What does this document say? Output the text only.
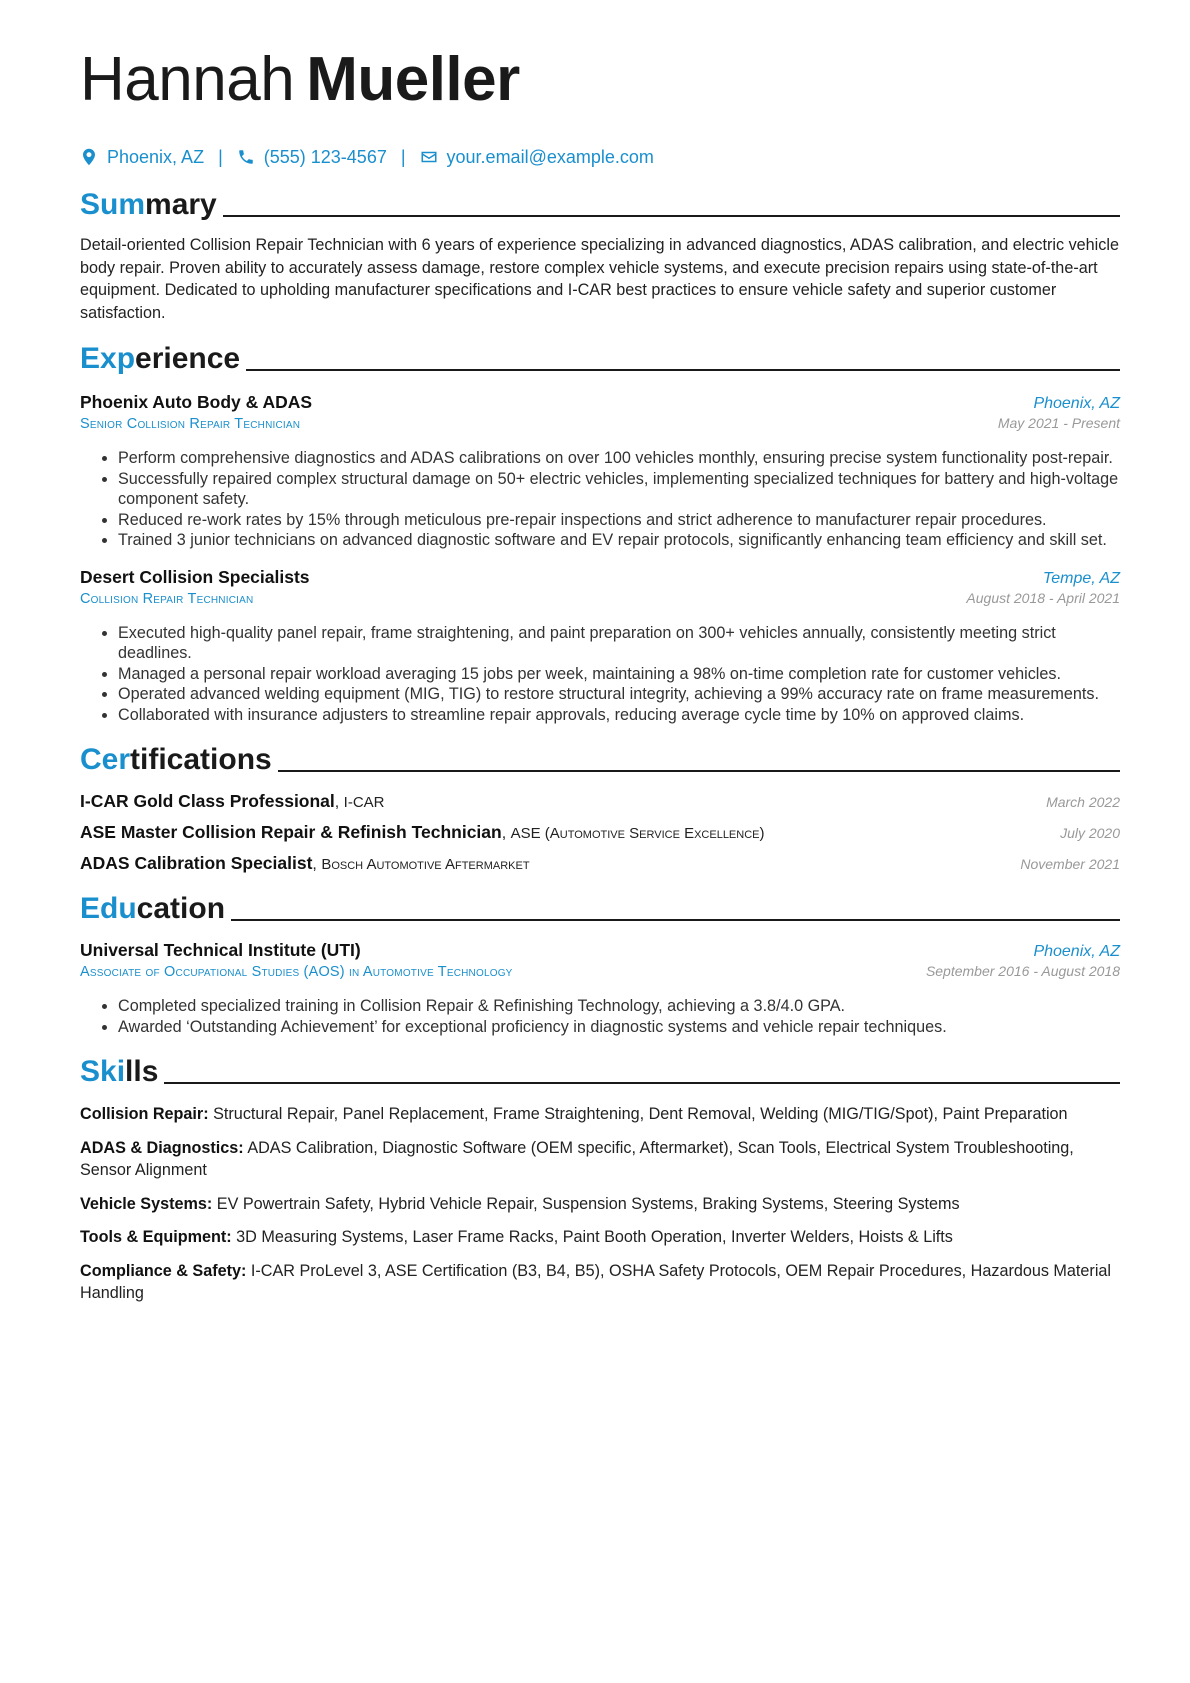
Hannah Mueller
Phoenix, AZ | (555) 123-4567 | your.email@example.com
Summary
Detail-oriented Collision Repair Technician with 6 years of experience specializing in advanced diagnostics, ADAS calibration, and electric vehicle body repair. Proven ability to accurately assess damage, restore complex vehicle systems, and execute precision repairs using state-of-the-art equipment. Dedicated to upholding manufacturer specifications and I-CAR best practices to ensure vehicle safety and superior customer satisfaction.
Experience
Phoenix Auto Body & ADAS	Phoenix, AZ
Senior Collision Repair Technician	May 2021 - Present
• Perform comprehensive diagnostics and ADAS calibrations on over 100 vehicles monthly, ensuring precise system functionality post-repair.
• Successfully repaired complex structural damage on 50+ electric vehicles, implementing specialized techniques for battery and high-voltage component safety.
• Reduced re-work rates by 15% through meticulous pre-repair inspections and strict adherence to manufacturer repair procedures.
• Trained 3 junior technicians on advanced diagnostic software and EV repair protocols, significantly enhancing team efficiency and skill set.
Desert Collision Specialists	Tempe, AZ
Collision Repair Technician	August 2018 - April 2021
• Executed high-quality panel repair, frame straightening, and paint preparation on 300+ vehicles annually, consistently meeting strict deadlines.
• Managed a personal repair workload averaging 15 jobs per week, maintaining a 98% on-time completion rate for customer vehicles.
• Operated advanced welding equipment (MIG, TIG) to restore structural integrity, achieving a 99% accuracy rate on frame measurements.
• Collaborated with insurance adjusters to streamline repair approvals, reducing average cycle time by 10% on approved claims.
Certifications
I-CAR Gold Class Professional, I-CAR	March 2022
ASE Master Collision Repair & Refinish Technician, ASE (Automotive Service Excellence)	July 2020
ADAS Calibration Specialist, Bosch Automotive Aftermarket	November 2021
Education
Universal Technical Institute (UTI)	Phoenix, AZ
Associate of Occupational Studies (AOS) in Automotive Technology	September 2016 - August 2018
• Completed specialized training in Collision Repair & Refinishing Technology, achieving a 3.8/4.0 GPA.
• Awarded ‘Outstanding Achievement’ for exceptional proficiency in diagnostic systems and vehicle repair techniques.
Skills
Collision Repair: Structural Repair, Panel Replacement, Frame Straightening, Dent Removal, Welding (MIG/TIG/Spot), Paint Preparation
ADAS & Diagnostics: ADAS Calibration, Diagnostic Software (OEM specific, Aftermarket), Scan Tools, Electrical System Troubleshooting, Sensor Alignment
Vehicle Systems: EV Powertrain Safety, Hybrid Vehicle Repair, Suspension Systems, Braking Systems, Steering Systems
Tools & Equipment: 3D Measuring Systems, Laser Frame Racks, Paint Booth Operation, Inverter Welders, Hoists & Lifts
Compliance & Safety: I-CAR ProLevel 3, ASE Certification (B3, B4, B5), OSHA Safety Protocols, OEM Repair Procedures, Hazardous Material Handling
